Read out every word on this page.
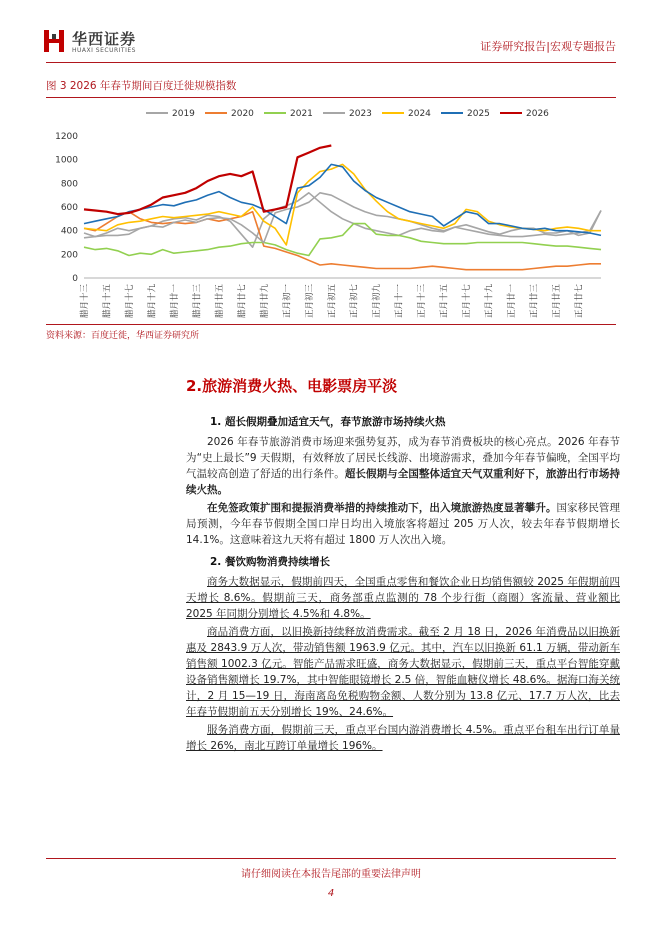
华西证券
HUAXI SECURITIES	证券研究报告|宏观专题报告
图 3 2026 年春节期间百度迁徙规模指数
0
200
400
600
800
1000
1200
腊月十三 腊月十五 腊月十七 腊月十九 腊月廿一 腊月廿三 腊月廿五 腊月廿七 腊月廿九 正月初一 正月初三 正月初五 正月初七 正月初九 正月十一 正月十三 正月十五 正月十七 正月十九 正月廿一 正月廿三 正月廿五 正月廿七
2019	2020	2021	2023	2024	2025	2026
资料来源：百度迁徙，华西证券研究所
2.旅游消费火热、电影票房平淡
1. 超长假期叠加适宜天气，春节旅游市场持续火热
2026 年春节旅游消费市场迎来强势复苏，成为春节消费板块的核心亮点。2026 年春节为“史上最长”9 天假期，有效释放了居民长线游、出境游需求，叠加今年春节偏晚，全国平均气温较高创造了舒适的出行条件。超长假期与全国整体适宜天气双重利好下，旅游出行市场持续火热。
在免签政策扩围和提振消费举措的持续推动下，出入境旅游热度显著攀升。国家移民管理局预测，今年春节假期全国口岸日均出入境旅客将超过 205 万人次，较去年春节假期增长 14.1%。这意味着这九天将有超过 1800 万人次出入境。
2. 餐饮购物消费持续增长
商务大数据显示，假期前四天，全国重点零售和餐饮企业日均销售额较 2025 年假期前四天增长 8.6%。假期前三天，商务部重点监测的 78 个步行街（商圈）客流量、营业额比 2025 年同期分别增长 4.5%和 4.8%。
商品消费方面，以旧换新持续释放消费需求。截至 2 月 18 日，2026 年消费品以旧换新惠及 2843.9 万人次，带动销售额 1963.9 亿元。其中，汽车以旧换新 61.1 万辆，带动新车销售额 1002.3 亿元。智能产品需求旺盛，商务大数据显示，假期前三天，重点平台智能穿戴设备销售额增长 19.7%，其中智能眼镜增长 2.5 倍，智能血糖仪增长 48.6%。据海口海关统计，2 月 15—19 日，海南离岛免税购物金额、人数分别为 13.8 亿元、17.7 万人次，比去年春节假期前五天分别增长 19%、24.6%。
服务消费方面，假期前三天，重点平台国内游消费增长 4.5%。重点平台租车出行订单量增长 26%，南北互跨订单量增长 196%。
请仔细阅读在本报告尾部的重要法律声明
4
